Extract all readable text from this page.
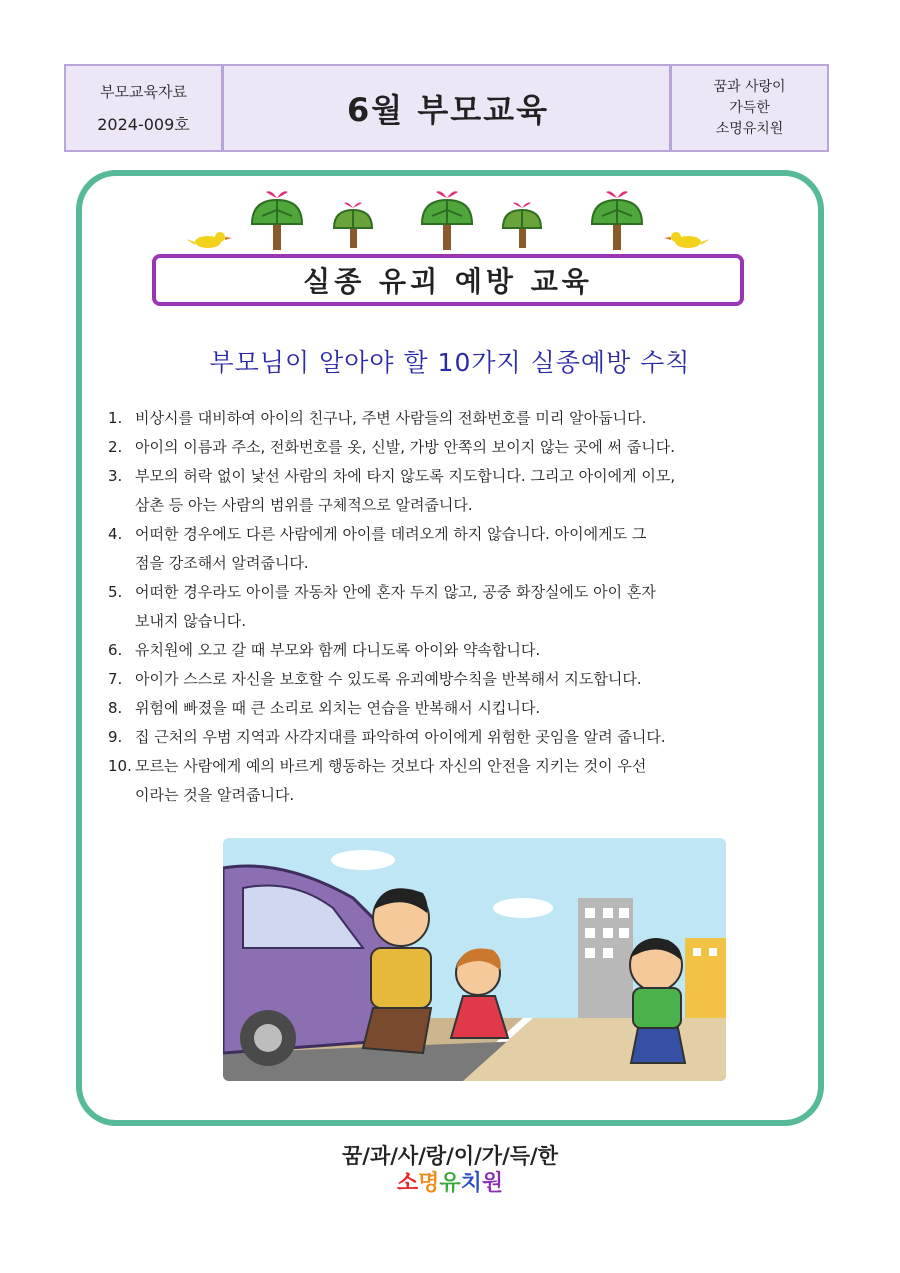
부모교육자료
2024-009호	6월 부모교육
꿈과 사랑이
가득한
소명유치원
실종 유괴 예방 교육
부모님이 알아야 할 10가지 실종예방 수칙
1. 비상시를 대비하여 아이의 친구나, 주변 사람들의 전화번호를 미리 알아둡니다.
2. 아이의 이름과 주소, 전화번호를 옷, 신발, 가방 안쪽의 보이지 않는 곳에 써 줍니다.
3. 부모의 허락 없이 낯선 사람의 차에 타지 않도록 지도합니다. 그리고 아이에게 이모,
삼촌 등 아는 사람의 범위를 구체적으로 알려줍니다.
4. 어떠한 경우에도 다른 사람에게 아이를 데려오게 하지 않습니다. 아이에게도 그
점을 강조해서 알려줍니다.
5. 어떠한 경우라도 아이를 자동차 안에 혼자 두지 않고, 공중 화장실에도 아이 혼자
보내지 않습니다.
6. 유치원에 오고 갈 때 부모와 함께 다니도록 아이와 약속합니다.
7. 아이가 스스로 자신을 보호할 수 있도록 유괴예방수칙을 반복해서 지도합니다.
8. 위험에 빠졌을 때 큰 소리로 외치는 연습을 반복해서 시킵니다.
9. 집 근처의 우범 지역과 사각지대를 파악하여 아이에게 위험한 곳임을 알려 줍니다.
10. 모르는 사람에게 예의 바르게 행동하는 것보다 자신의 안전을 지키는 것이 우선
이라는 것을 알려줍니다.
꿈/과/사/랑/이/가/득/한
소명유치원
